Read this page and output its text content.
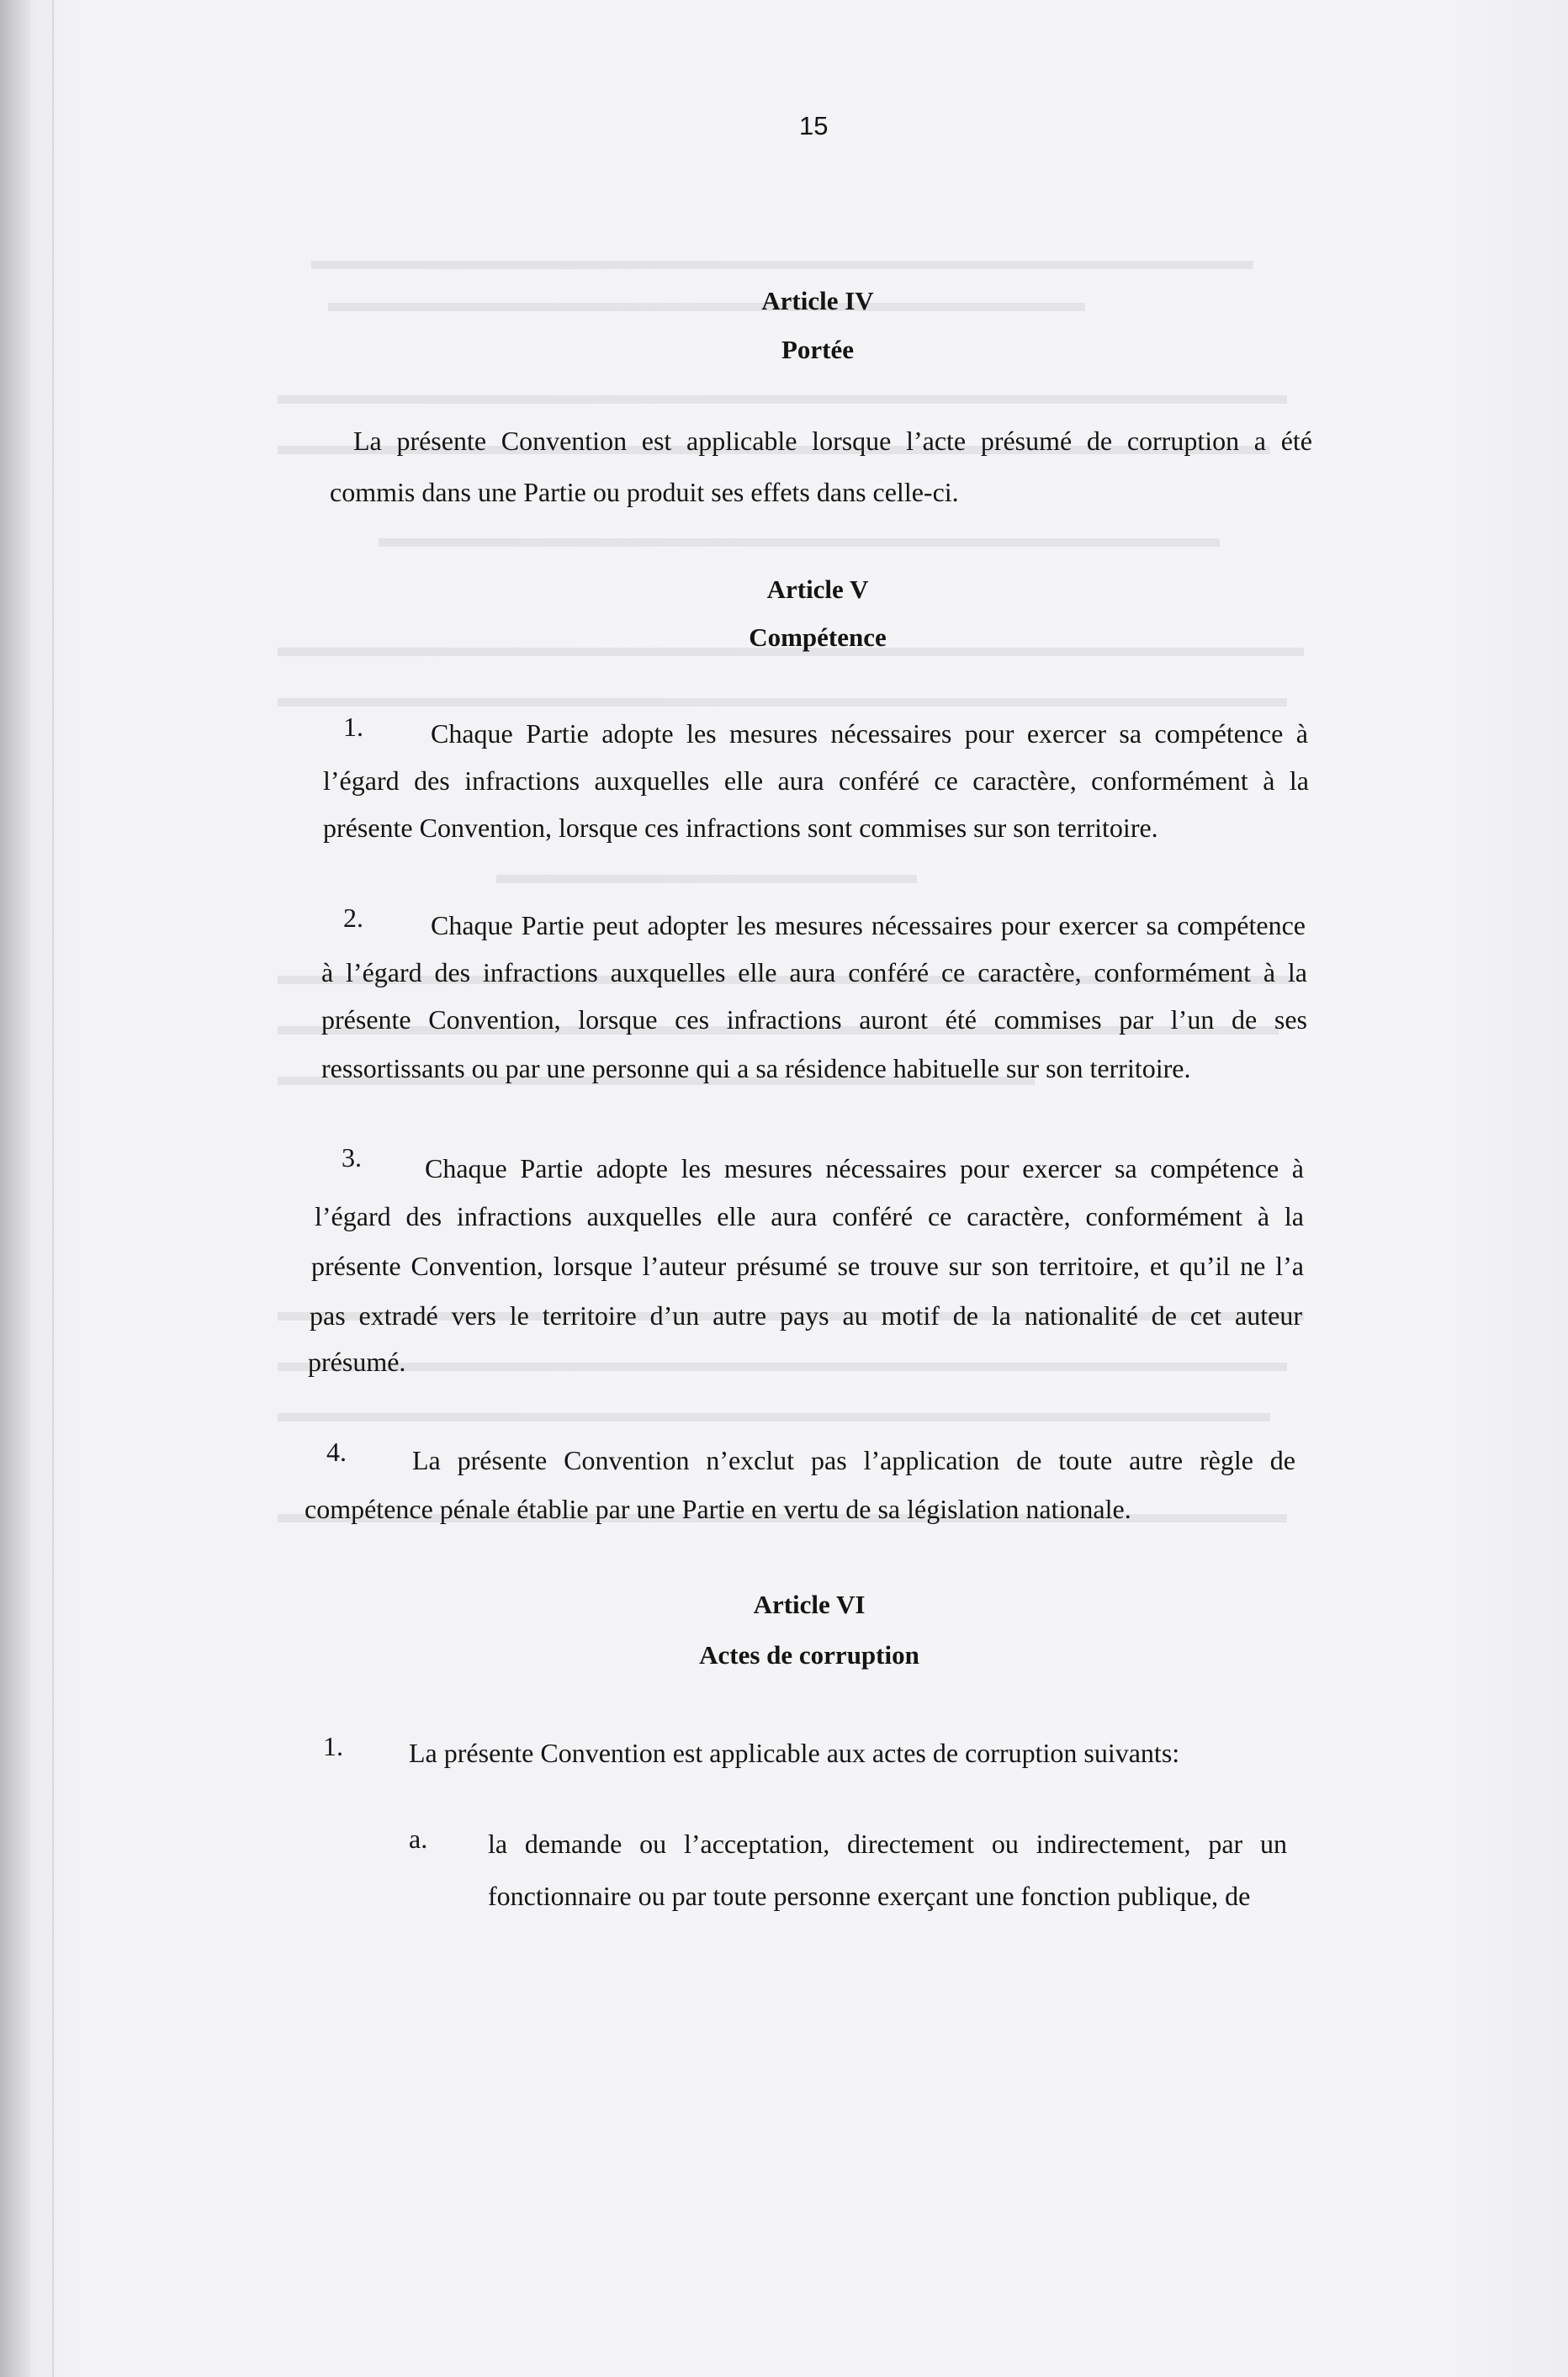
15
Article IV
Portée
La présente Convention est applicable lorsque l’acte présumé de corruption a été
commis dans une Partie ou produit ses effets dans celle-ci.
Article V
Compétence
1.	Chaque Partie adopte les mesures nécessaires pour exercer sa compétence à
l’égard des infractions auxquelles elle aura conféré ce caractère, conformément à la
présente Convention, lorsque ces infractions sont commises sur son territoire.
2.	Chaque Partie peut adopter les mesures nécessaires pour exercer sa compétence
à l’égard des infractions auxquelles elle aura conféré ce caractère, conformément à la
présente Convention, lorsque ces infractions auront été commises par l’un de ses
ressortissants ou par une personne qui a sa résidence habituelle sur son territoire.
3. Chaque Partie adopte les mesures nécessaires pour exercer sa compétence à
l’égard des infractions auxquelles elle aura conféré ce caractère, conformément à la
présente Convention, lorsque l’auteur présumé se trouve sur son territoire, et qu’il ne l’a
pas extradé vers le territoire d’un autre pays au motif de la nationalité de cet auteur
présumé.
4. La présente Convention n’exclut pas l’application de toute autre règle de
compétence pénale établie par une Partie en vertu de sa législation nationale.
Article VI
Actes de corruption
1. La présente Convention est applicable aux actes de corruption suivants:
a. la demande ou l’acceptation, directement ou indirectement, par un
fonctionnaire ou par toute personne exerçant une fonction publique, de
